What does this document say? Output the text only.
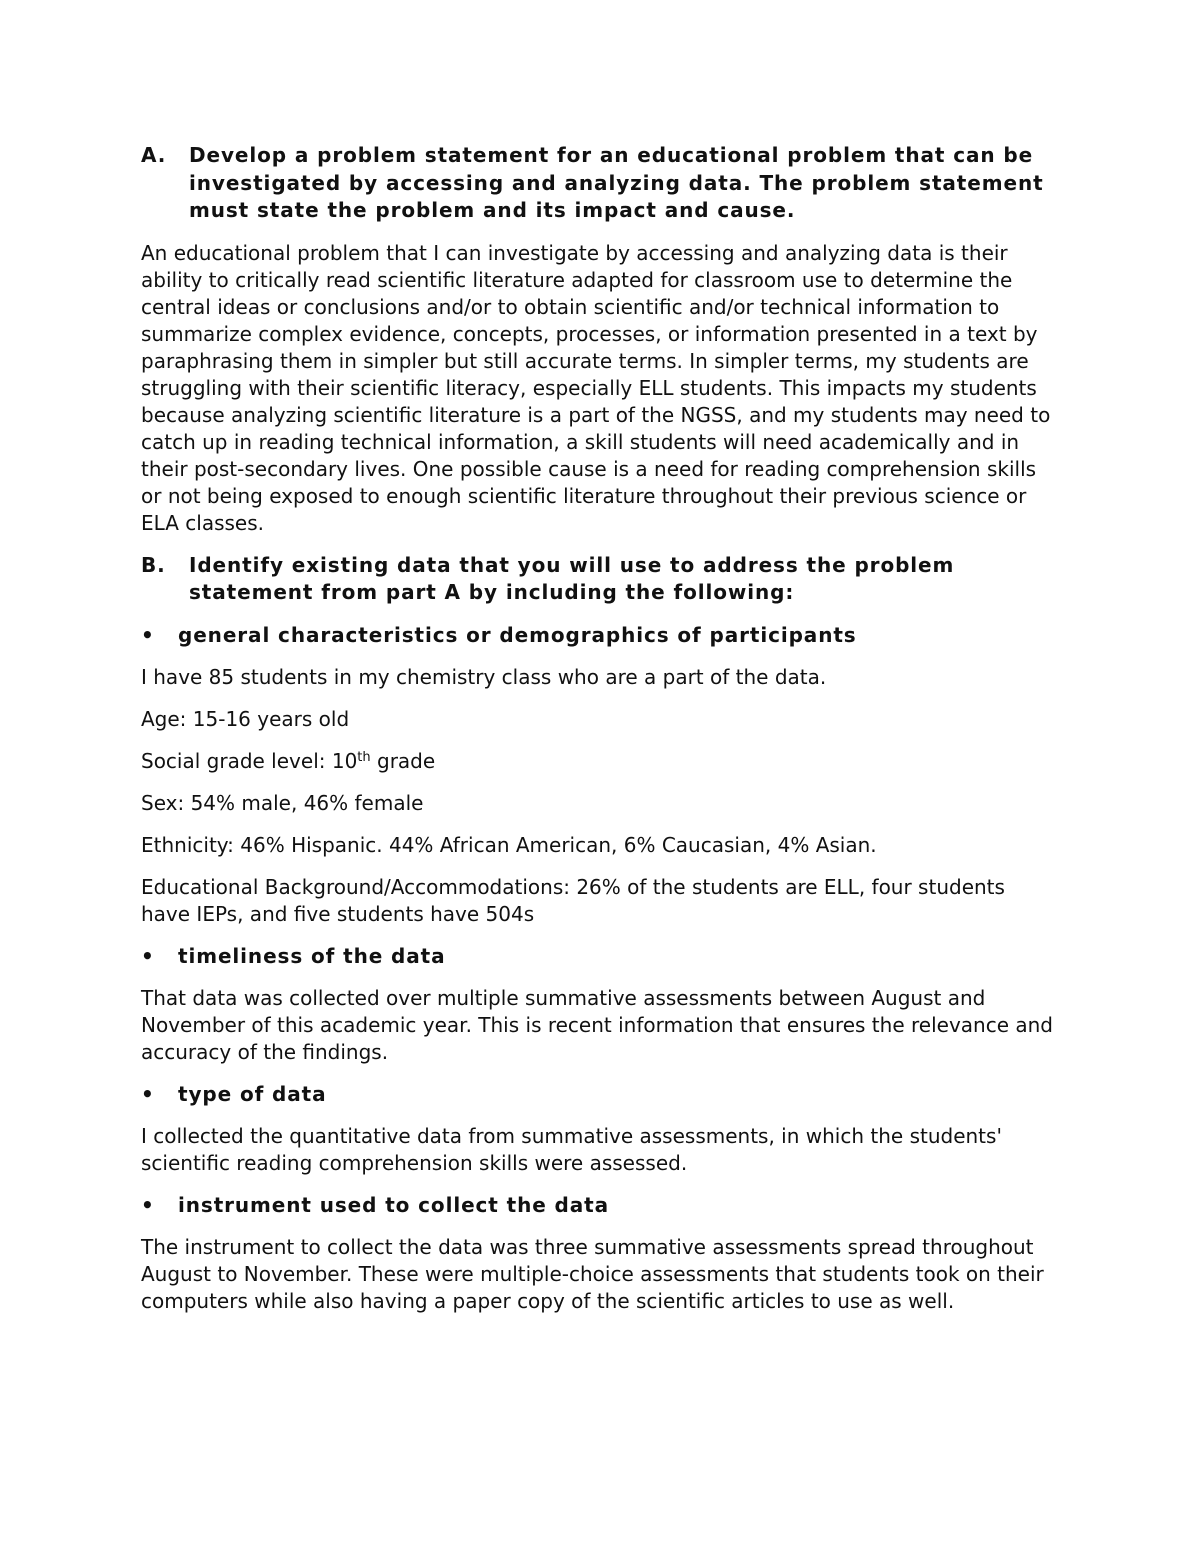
A.	Develop a problem statement for an educational problem that can be investigated by accessing and analyzing data. The problem statement must state the problem and its impact and cause.

An educational problem that I can investigate by accessing and analyzing data is their ability to critically read scientific literature adapted for classroom use to determine the central ideas or conclusions and/or to obtain scientific and/or technical information to summarize complex evidence, concepts, processes, or information presented in a text by paraphrasing them in simpler but still accurate terms. In simpler terms, my students are struggling with their scientific literacy, especially ELL students. This impacts my students because analyzing scientific literature is a part of the NGSS, and my students may need to catch up in reading technical information, a skill students will need academically and in their post-secondary lives. One possible cause is a need for reading comprehension skills or not being exposed to enough scientific literature throughout their previous science or ELA classes.

B.	Identify existing data that you will use to address the problem statement from part A by including the following:
•	general characteristics or demographics of participants

I have 85 students in my chemistry class who are a part of the data.

Age: 15-16 years old

Social grade level: 10th grade

Sex: 54% male, 46% female

Ethnicity: 46% Hispanic. 44% African American, 6% Caucasian, 4% Asian.

Educational Background/Accommodations: 26% of the students are ELL, four students have IEPs, and five students have 504s

•	timeliness of the data

That data was collected over multiple summative assessments between August and November of this academic year. This is recent information that ensures the relevance and accuracy of the findings.

•	type of data

I collected the quantitative data from summative assessments, in which the students' scientific reading comprehension skills were assessed.

•	instrument used to collect the data

The instrument to collect the data was three summative assessments spread throughout August to November. These were multiple-choice assessments that students took on their computers while also having a paper copy of the scientific articles to use as well.
